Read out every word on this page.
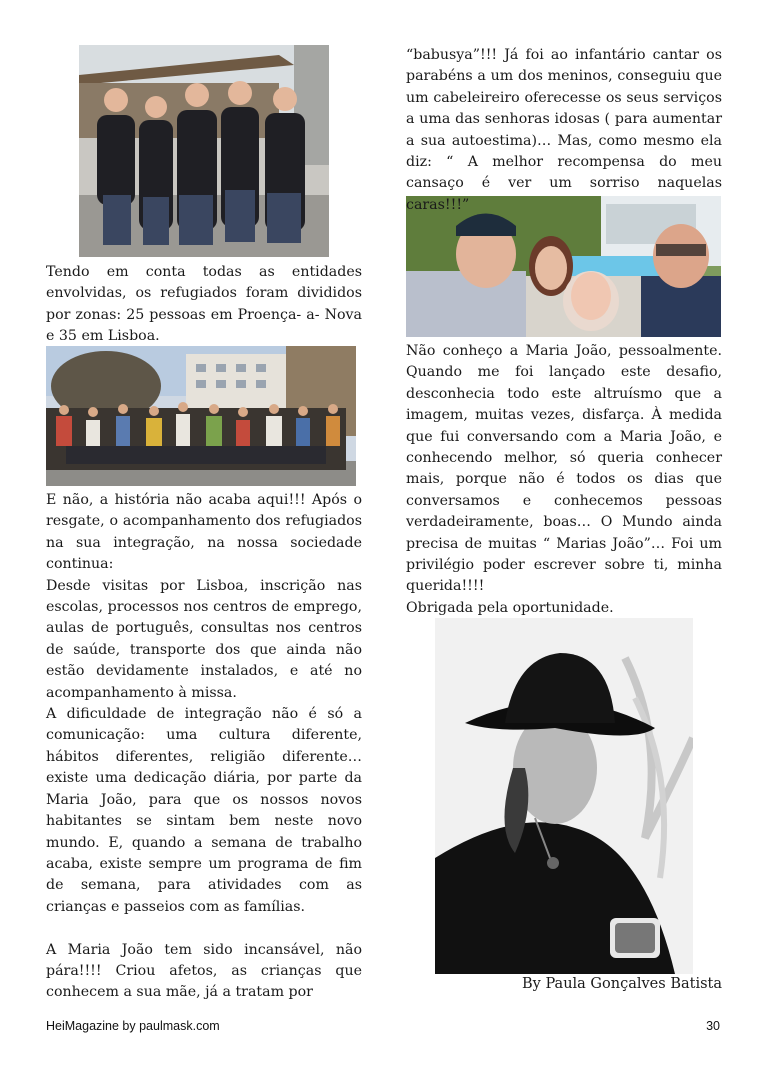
Tendo em conta todas as entidades envolvidas, os refugiados foram divididos por zonas: 25 pessoas em Proença- a- Nova e 35 em Lisboa.

E não, a história não acaba aqui!!! Após o resgate, o acompanhamento dos refugiados na sua integração, na nossa sociedade continua:

Desde visitas por Lisboa, inscrição nas escolas, processos nos centros de emprego, aulas de português, consultas nos centros de saúde, transporte dos que ainda não estão devidamente instalados, e até no acompanhamento à missa.

A dificuldade de integração não é só a comunicação: uma cultura diferente, hábitos diferentes, religião diferente… existe uma dedicação diária, por parte da Maria João, para que os nossos novos habitantes se sintam bem neste novo mundo. E, quando a semana de trabalho acaba, existe sempre um programa de fim de semana, para atividades com as crianças e passeios com as famílias.

A Maria João tem sido incansável, não pára!!!! Criou afetos, as crianças que conhecem a sua mãe, já a tratam por

“babusya”!!! Já foi ao infantário cantar os parabéns a um dos meninos, conseguiu que um cabeleireiro oferecesse os seus serviços a uma das senhoras idosas ( para aumentar a sua autoestima)… Mas, como mesmo ela diz: “ A melhor recompensa do meu cansaço é ver um sorriso naquelas caras!!!”

Não conheço a Maria João, pessoalmente. Quando me foi lançado este desafio, desconhecia todo este altruísmo que a imagem, muitas vezes, disfarça. À medida que fui conversando com a Maria João, e conhecendo melhor, só queria conhecer mais, porque não é todos os dias que conversamos e conhecemos pessoas verdadeiramente, boas… O Mundo ainda precisa de muitas “ Marias João”… Foi um privilégio poder escrever sobre ti, minha querida!!!!

Obrigada pela oportunidade.

By Paula Gonçalves Batista
HeiMagazine by paulmask.com	30
